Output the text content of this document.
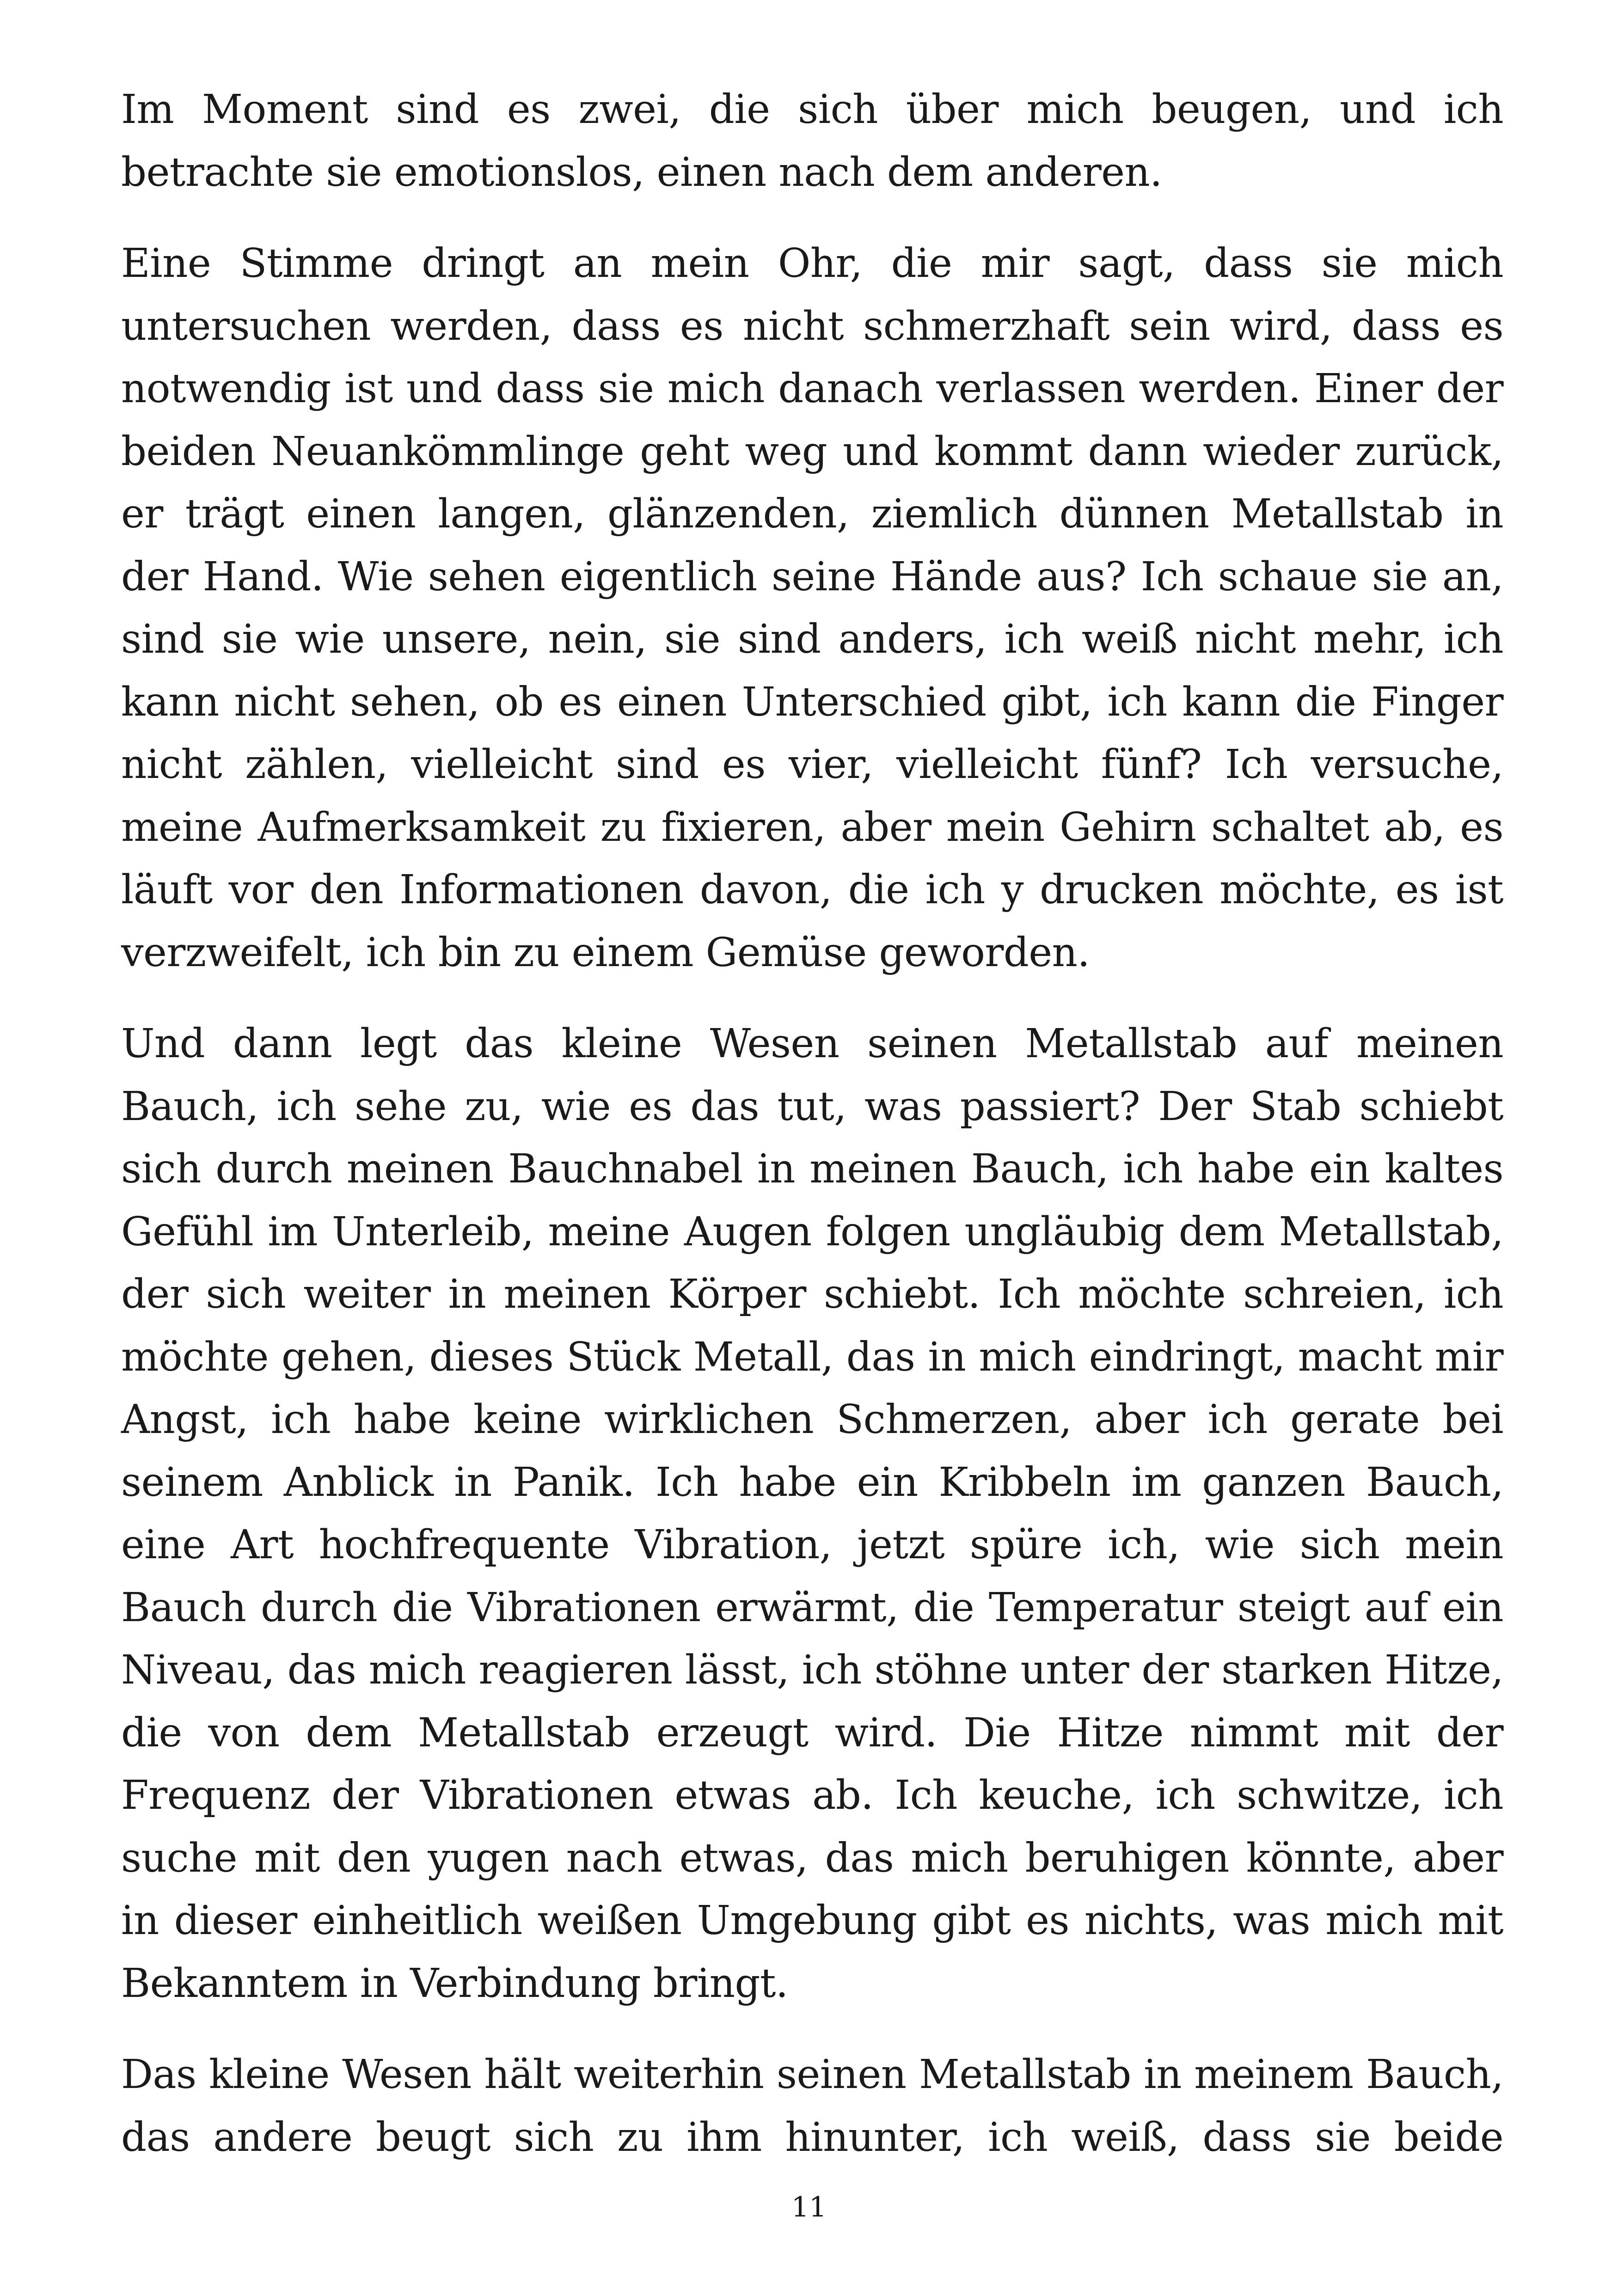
Im Moment sind es zwei, die sich über mich beugen, und ich betrachte sie emotionslos, einen nach dem anderen.

Eine Stimme dringt an mein Ohr, die mir sagt, dass sie mich untersuchen werden, dass es nicht schmerzhaft sein wird, dass es notwendig ist und dass sie mich danach verlassen werden. Einer der beiden Neuankömmlinge geht weg und kommt dann wieder zurück, er trägt einen langen, glänzenden, ziemlich dünnen Metallstab in der Hand. Wie sehen eigentlich seine Hände aus? Ich schaue sie an, sind sie wie unsere, nein, sie sind anders, ich weiß nicht mehr, ich kann nicht sehen, ob es einen Unterschied gibt, ich kann die Finger nicht zählen, vielleicht sind es vier, vielleicht fünf? Ich versuche, meine Aufmerksamkeit zu fixieren, aber mein Gehirn schaltet ab, es läuft vor den Informationen davon, die ich y drucken möchte, es ist verzweifelt, ich bin zu einem Gemüse geworden.

Und dann legt das kleine Wesen seinen Metallstab auf meinen Bauch, ich sehe zu, wie es das tut, was passiert? Der Stab schiebt sich durch meinen Bauchnabel in meinen Bauch, ich habe ein kaltes Gefühl im Unterleib, meine Augen folgen ungläubig dem Metallstab, der sich weiter in meinen Körper schiebt. Ich möchte schreien, ich möchte gehen, dieses Stück Metall, das in mich eindringt, macht mir Angst, ich habe keine wirklichen Schmerzen, aber ich gerate bei seinem Anblick in Panik. Ich habe ein Kribbeln im ganzen Bauch, eine Art hochfrequente Vibration, jetzt spüre ich, wie sich mein Bauch durch die Vibrationen erwärmt, die Temperatur steigt auf ein Niveau, das mich reagieren lässt, ich stöhne unter der starken Hitze, die von dem Metallstab erzeugt wird. Die Hitze nimmt mit der Frequenz der Vibrationen etwas ab. Ich keuche, ich schwitze, ich suche mit den yugen nach etwas, das mich beruhigen könnte, aber in dieser einheitlich weißen Umgebung gibt es nichts, was mich mit Bekanntem in Verbindung bringt.

Das kleine Wesen hält weiterhin seinen Metallstab in meinem Bauch, das andere beugt sich zu ihm hinunter, ich weiß, dass sie beide

11
